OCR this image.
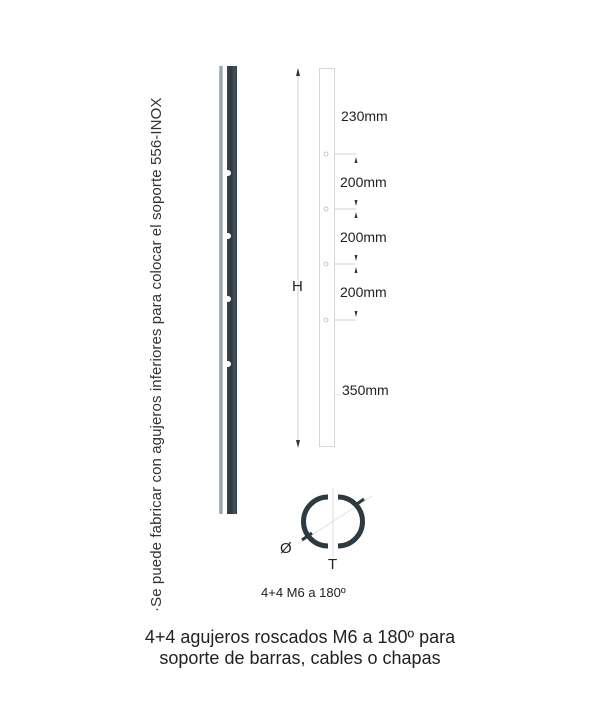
·Se puede fabricar con agujeros inferiores para colocar el soporte 556-INOX	H
230mm
200mm
200mm
200mm
350mm
Ø
T
4+4 M6 a 180º
4+4 agujeros roscados M6 a 180º para
soporte de barras, cables o chapas
